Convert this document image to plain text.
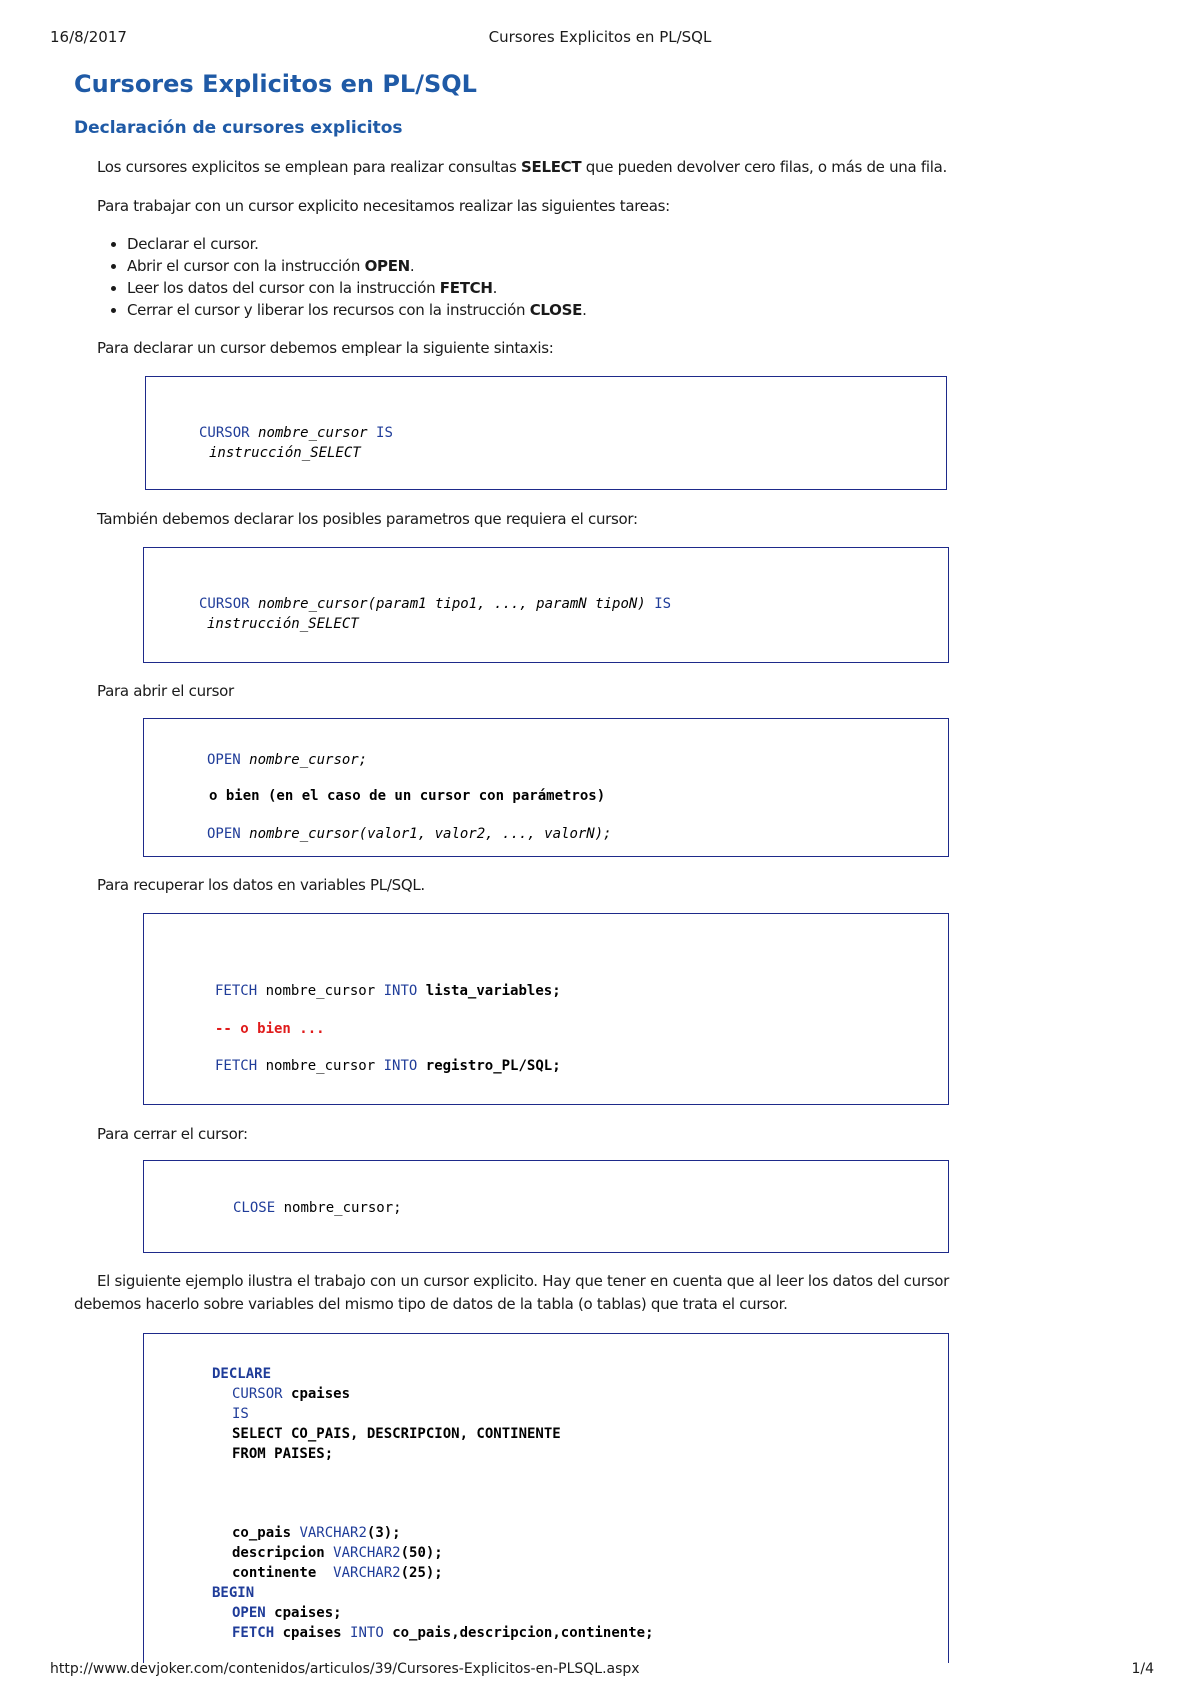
16/8/2017	Cursores Explicitos en PL/SQL
Cursores Explicitos en PL/SQL
Declaración de cursores explicitos
Los cursores explicitos se emplean para realizar consultas SELECT que pueden devolver cero filas, o más de una fila.
Para trabajar con un cursor explicito necesitamos realizar las siguientes tareas:
• Declarar el cursor.
• Abrir el cursor con la instrucción OPEN.
• Leer los datos del cursor con la instrucción FETCH.
• Cerrar el cursor y liberar los recursos con la instrucción CLOSE.
Para declarar un cursor debemos emplear la siguiente sintaxis:
CURSOR nombre_cursor IS
instrucción_SELECT
También debemos declarar los posibles parametros que requiera el cursor:
CURSOR nombre_cursor(param1 tipo1, ..., paramN tipoN) IS
instrucción_SELECT
Para abrir el cursor
OPEN nombre_cursor;
o bien (en el caso de un cursor con parámetros)
OPEN nombre_cursor(valor1, valor2, ..., valorN);
Para recuperar los datos en variables PL/SQL.
FETCH nombre_cursor INTO lista_variables;
-- o bien ...
FETCH nombre_cursor INTO registro_PL/SQL;
Para cerrar el cursor:
CLOSE nombre_cursor;
El siguiente ejemplo ilustra el trabajo con un cursor explicito. Hay que tener en cuenta que al leer los datos del cursor
debemos hacerlo sobre variables del mismo tipo de datos de la tabla (o tablas) que trata el cursor.
DECLARE
CURSOR cpaises
IS
SELECT CO_PAIS, DESCRIPCION, CONTINENTE
FROM PAISES;
co_pais VARCHAR2(3);
descripcion VARCHAR2(50);
continente VARCHAR2(25);
BEGIN
OPEN cpaises;
FETCH cpaises INTO co_pais,descripcion,continente;
http://www.devjoker.com/contenidos/articulos/39/Cursores-Explicitos-en-PLSQL.aspx	1/4
